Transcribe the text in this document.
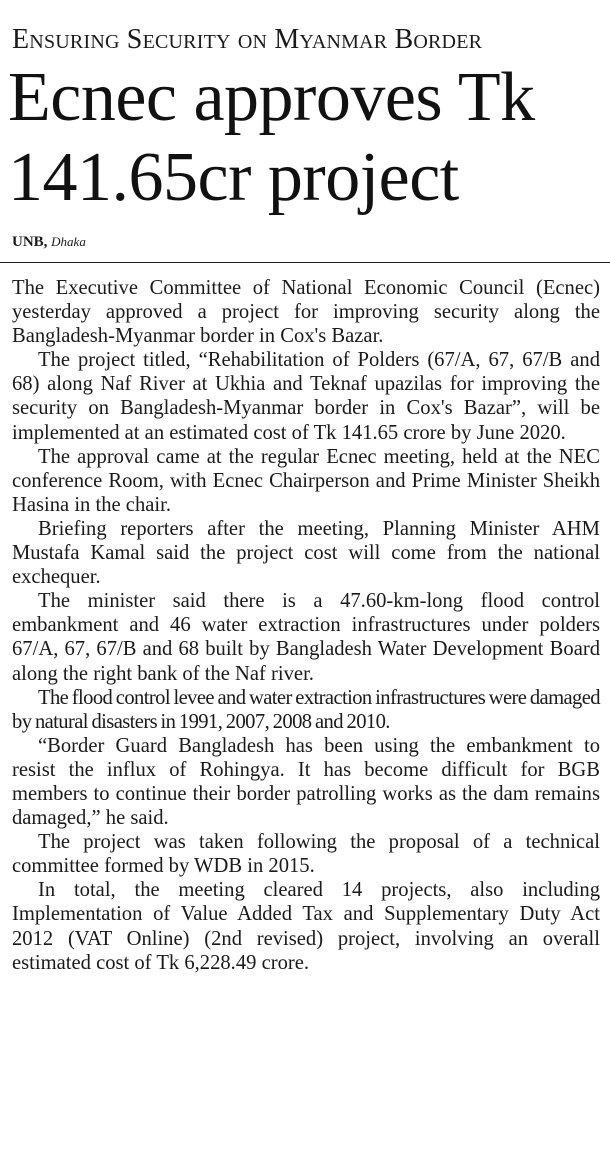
Ensuring Security on Myanmar Border
Ecnec approves Tk 141.65cr project
UNB, Dhaka

The Executive Committee of National Economic Council (Ecnec) yesterday approved a project for improving security along the Bangladesh-Myanmar border in Cox's Bazar.

The project titled, “Rehabilitation of Polders (67/A, 67, 67/B and 68) along Naf River at Ukhia and Teknaf upazilas for improving the security on Bangladesh-Myanmar border in Cox's Bazar”, will be implemented at an estimated cost of Tk 141.65 crore by June 2020.

The approval came at the regular Ecnec meeting, held at the NEC conference Room, with Ecnec Chairperson and Prime Minister Sheikh Hasina in the chair.

Briefing reporters after the meeting, Planning Minister AHM Mustafa Kamal said the project cost will come from the national exchequer.

The minister said there is a 47.60-km-long flood control embankment and 46 water extraction infrastructures under polders 67/A, 67, 67/B and 68 built by Bangladesh Water Development Board along the right bank of the Naf river.

The flood control levee and water extraction infrastructures were damaged by natural disasters in 1991, 2007, 2008 and 2010.

“Border Guard Bangladesh has been using the embankment to resist the influx of Rohingya. It has become difficult for BGB members to continue their border patrolling works as the dam remains damaged,” he said.

The project was taken following the proposal of a technical committee formed by WDB in 2015.

In total, the meeting cleared 14 projects, also including Implementation of Value Added Tax and Supplementary Duty Act 2012 (VAT Online) (2nd revised) project, involving an overall estimated cost of Tk 6,228.49 crore.
